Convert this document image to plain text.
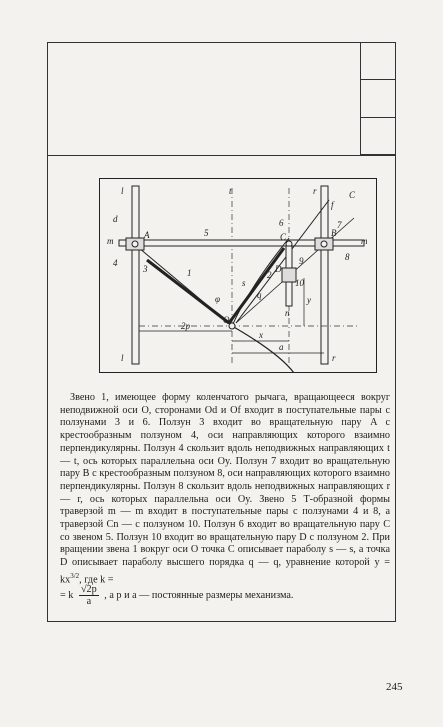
l
l
r
r
t
m	m
d
A
4
3
5
1
s
q
φ
O
2p
x
a
y
n
2
C
D
B
6	7
8
9
10
f
C

Звено 1, имеющее форму коленчатого рычага, вращающееся вокруг неподвижной оси O, сторонами Od и Of входит в поступательные пары с ползунами 3 и 6. Ползун 3 входит во вращательную пару A с крестообразным ползуном 4, оси направляющих которого взаимно перпендикулярны. Ползун 4 скользит вдоль неподвижных направляющих t — t, ось которых параллельна оси Oy. Ползун 7 входит во вращательную пару B с крестообразным ползуном 8, оси направляющих которого взаимно перпендикулярны. Ползун 8 скользит вдоль неподвижных направляющих r — r, ось которых параллельна оси Oy. Звено 5 Т-образной формы траверзой m — m входит в поступательные пары с ползунами 4 и 8, а траверзой Cn — с ползуном 10. Ползун 6 входит во вращательную пару C со звеном 5. Ползун 10 входит во вращательную пару D с ползуном 2. При вращении звена 1 вокруг оси O точка C описывает параболу s — s, а точка D описывает параболу высшего порядка q — q, уравнение которой $y = kx^{3/2}$, где k =

= k $\frac{√2p}{a}$ , а p и a — постоянные размеры механизма.
245
